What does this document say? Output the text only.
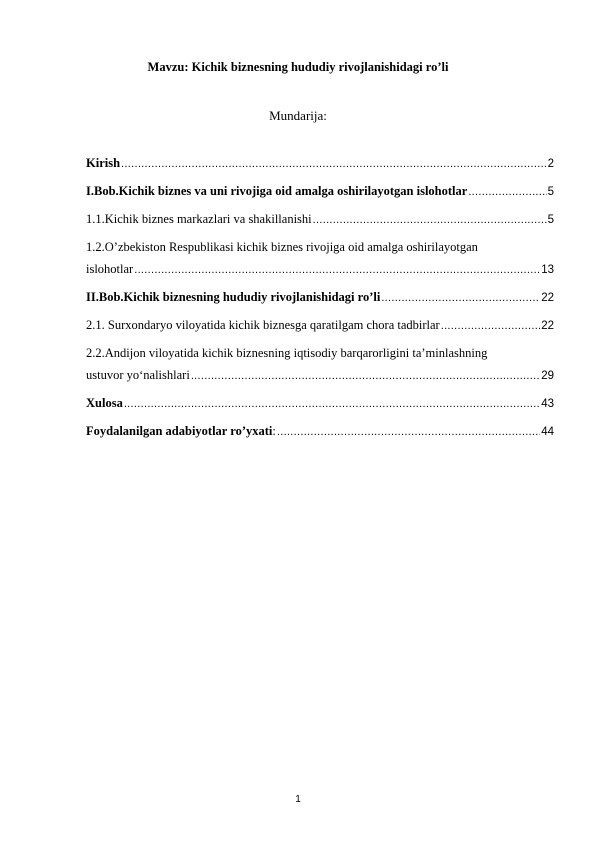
Mavzu: Kichik biznesning hududiy rivojlanishidagi ro’li
Mundarija:
Kirish .....	2
I.Bob.Kichik biznes va uni rivojiga oid amalga oshirilayotgan islohotlar .....	5
1.1.Kichik biznes markazlari va shakillanishi .....	5
1.2.O’zbekiston Respublikasi kichik biznes rivojiga oid amalga oshirilayotgan
islohotlar .....	13
II.Bob.Kichik biznesning hududiy rivojlanishidagi ro’li .....	22
2.1. Surxondaryo viloyatida kichik biznesga qaratilgam chora tadbirlar .....	22
2.2.Andijon viloyatida kichik biznesning iqtisodiy barqarorligini ta’minlashning
ustuvor yo‘nalishlari .....	29
Xulosa .....	43
Foydalanilgan adabiyotlar ro’yxati : .....	44
1
